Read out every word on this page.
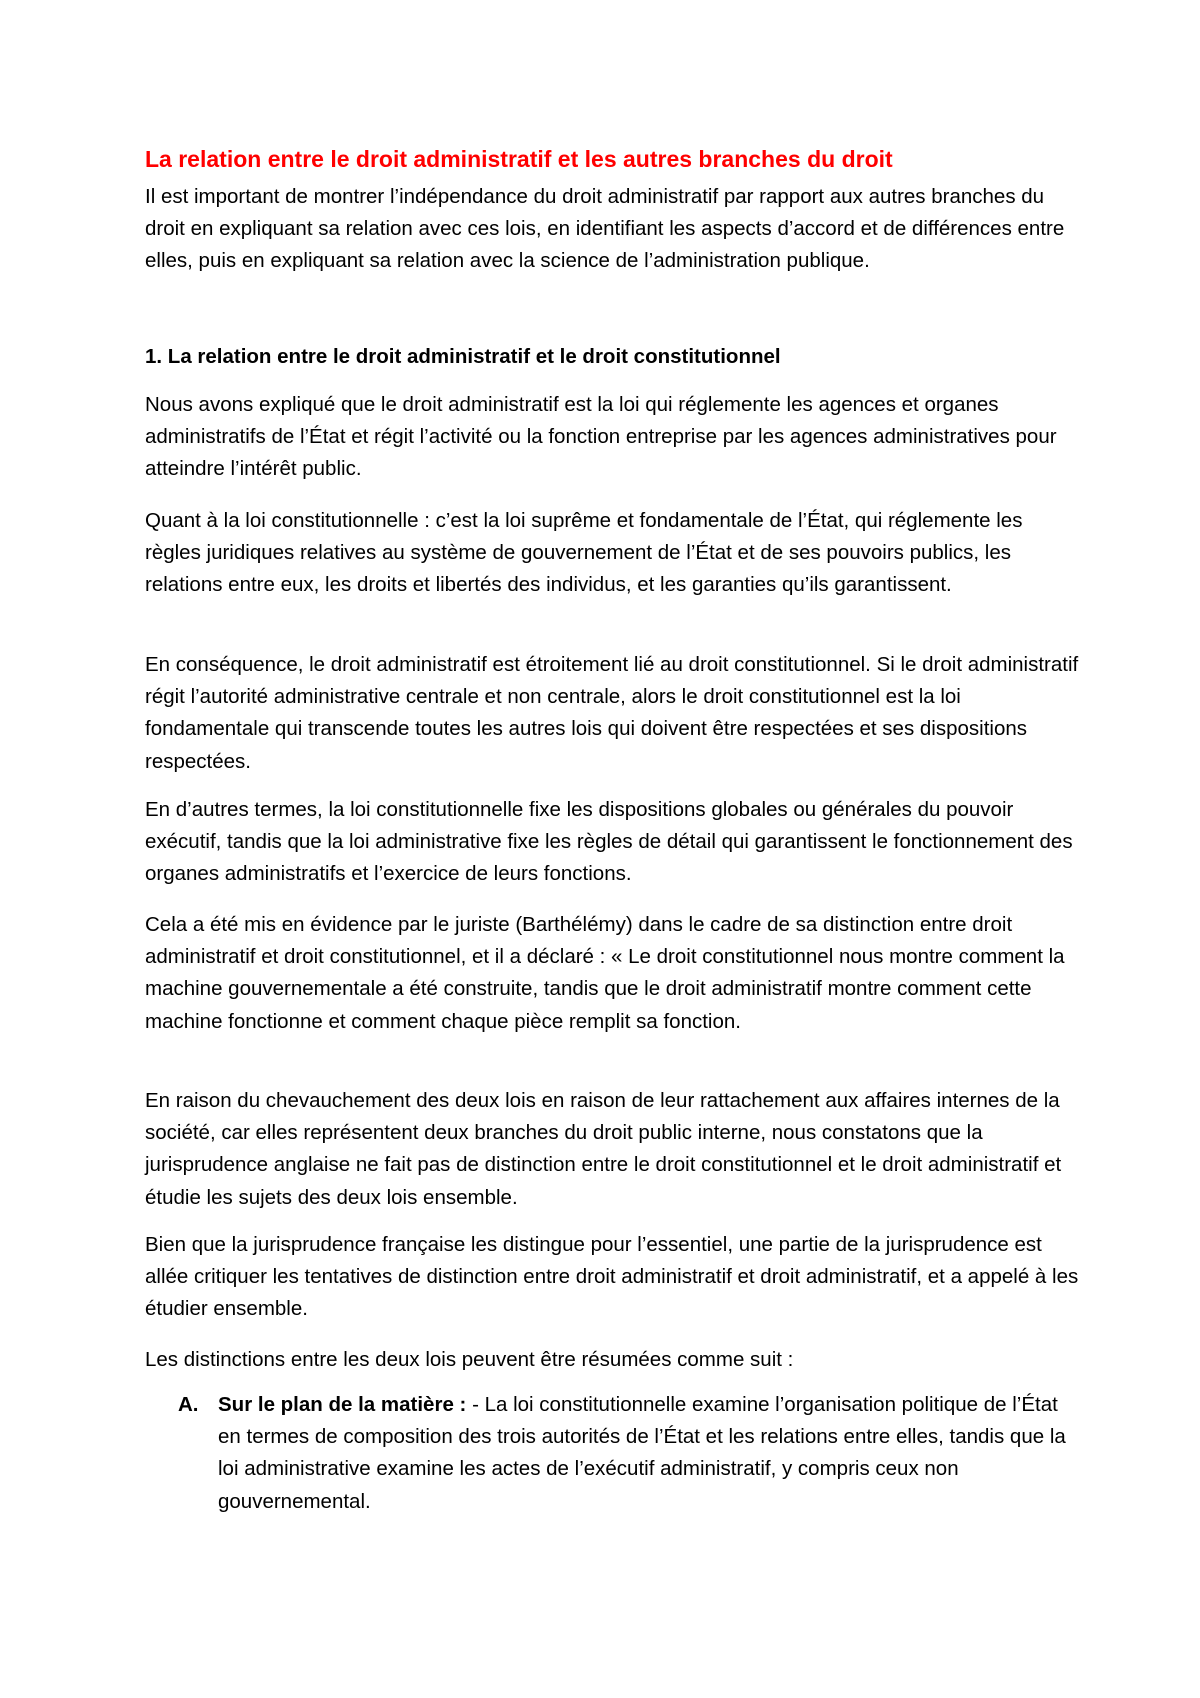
La relation entre le droit administratif et les autres branches du droit

Il est important de montrer l’indépendance du droit administratif par rapport aux autres branches du droit en expliquant sa relation avec ces lois, en identifiant les aspects d’accord et de différences entre elles, puis en expliquant sa relation avec la science de l’administration publique.

1. La relation entre le droit administratif et le droit constitutionnel

Nous avons expliqué que le droit administratif est la loi qui réglemente les agences et organes administratifs de l’État et régit l’activité ou la fonction entreprise par les agences administratives pour atteindre l’intérêt public.

Quant à la loi constitutionnelle : c’est la loi suprême et fondamentale de l’État, qui réglemente les règles juridiques relatives au système de gouvernement de l’État et de ses pouvoirs publics, les relations entre eux, les droits et libertés des individus, et les garanties qu’ils garantissent.

En conséquence, le droit administratif est étroitement lié au droit constitutionnel. Si le droit administratif régit l’autorité administrative centrale et non centrale, alors le droit constitutionnel est la loi fondamentale qui transcende toutes les autres lois qui doivent être respectées et ses dispositions respectées.

En d’autres termes, la loi constitutionnelle fixe les dispositions globales ou générales du pouvoir exécutif, tandis que la loi administrative fixe les règles de détail qui garantissent le fonctionnement des organes administratifs et l’exercice de leurs fonctions.

Cela a été mis en évidence par le juriste (Barthélémy) dans le cadre de sa distinction entre droit administratif et droit constitutionnel, et il a déclaré : « Le droit constitutionnel nous montre comment la machine gouvernementale a été construite, tandis que le droit administratif montre comment cette machine fonctionne et comment chaque pièce remplit sa fonction.

En raison du chevauchement des deux lois en raison de leur rattachement aux affaires internes de la société, car elles représentent deux branches du droit public interne, nous constatons que la jurisprudence anglaise ne fait pas de distinction entre le droit constitutionnel et le droit administratif et étudie les sujets des deux lois ensemble.

Bien que la jurisprudence française les distingue pour l’essentiel, une partie de la jurisprudence est allée critiquer les tentatives de distinction entre droit administratif et droit administratif, et a appelé à les étudier ensemble.

Les distinctions entre les deux lois peuvent être résumées comme suit :

A. Sur le plan de la matière : - La loi constitutionnelle examine l’organisation politique de l’État en termes de composition des trois autorités de l’État et les relations entre elles, tandis que la loi administrative examine les actes de l’exécutif administratif, y compris ceux non gouvernemental.
